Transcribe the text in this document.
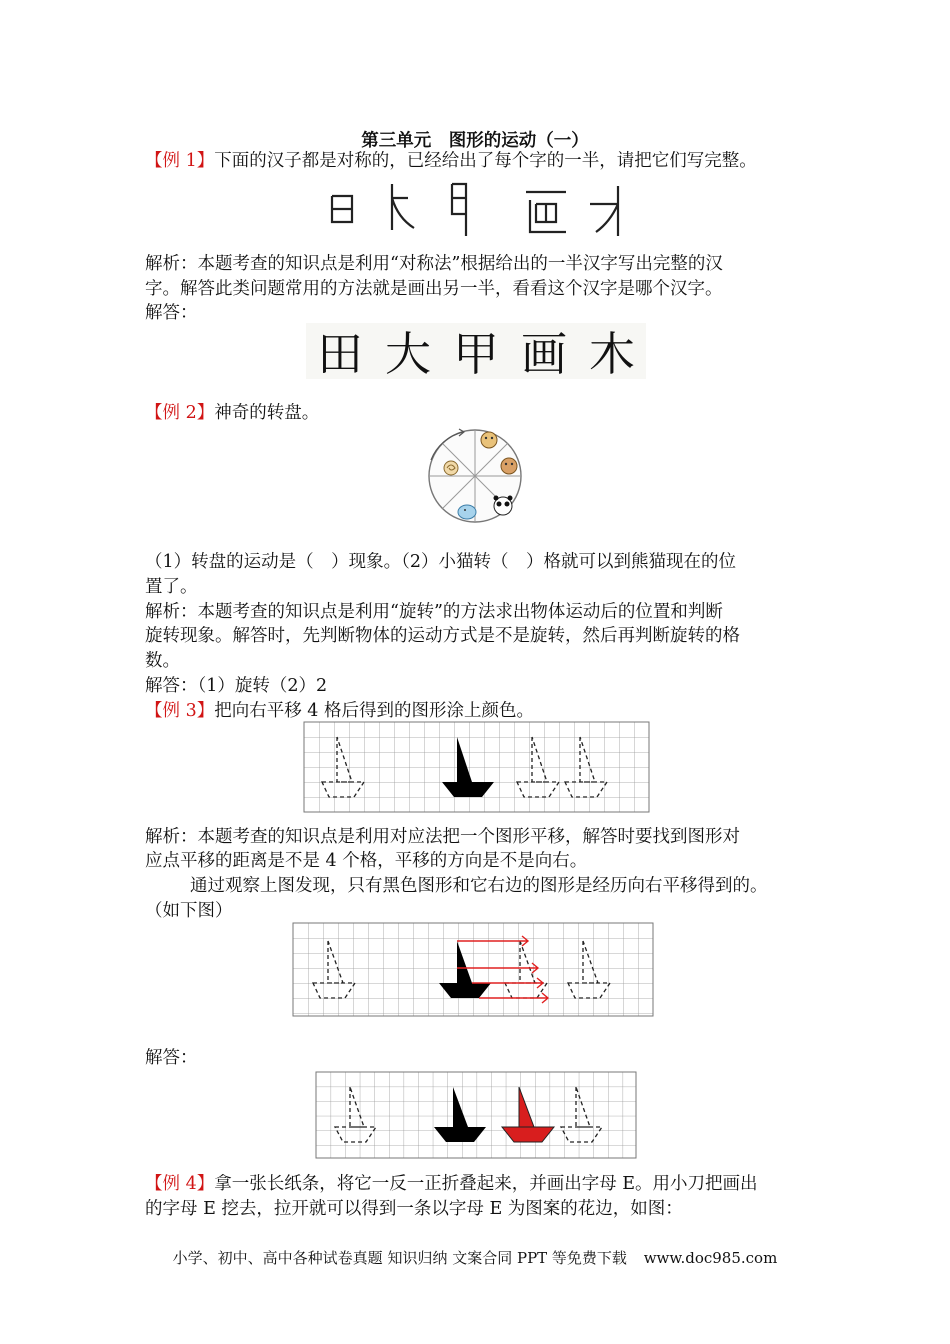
第三单元　图形的运动（一）
【例 1】下面的汉子都是对称的，已经给出了每个字的一半，请把它们写完整。
解析：本题考查的知识点是利用“对称法”根据给出的一半汉字写出完整的汉
字。解答此类问题常用的方法就是画出另一半，看看这个汉字是哪个汉字。
解答：
田 大 甲 画 木
【例 2】神奇的转盘。
（1）转盘的运动是（　）现象。（2）小猫转（　）格就可以到熊猫现在的位
置了。
解析：本题考查的知识点是利用“旋转”的方法求出物体运动后的位置和判断
旋转现象。解答时，先判断物体的运动方式是不是旋转，然后再判断旋转的格
数。
解答：（1）旋转（2）2
【例 3】把向右平移 4 格后得到的图形涂上颜色。
解析：本题考查的知识点是利用对应法把一个图形平移，解答时要找到图形对
应点平移的距离是不是 4 个格，平移的方向是不是向右。
通过观察上图发现，只有黑色图形和它右边的图形是经历向右平移得到的。
（如下图）
解答：
【例 4】拿一张长纸条，将它一反一正折叠起来，并画出字母 E。用小刀把画出
的字母 E 挖去，拉开就可以得到一条以字母 E 为图案的花边，如图：
小学、初中、高中各种试卷真题 知识归纳 文案合同 PPT 等免费下载 www.doc985.com
